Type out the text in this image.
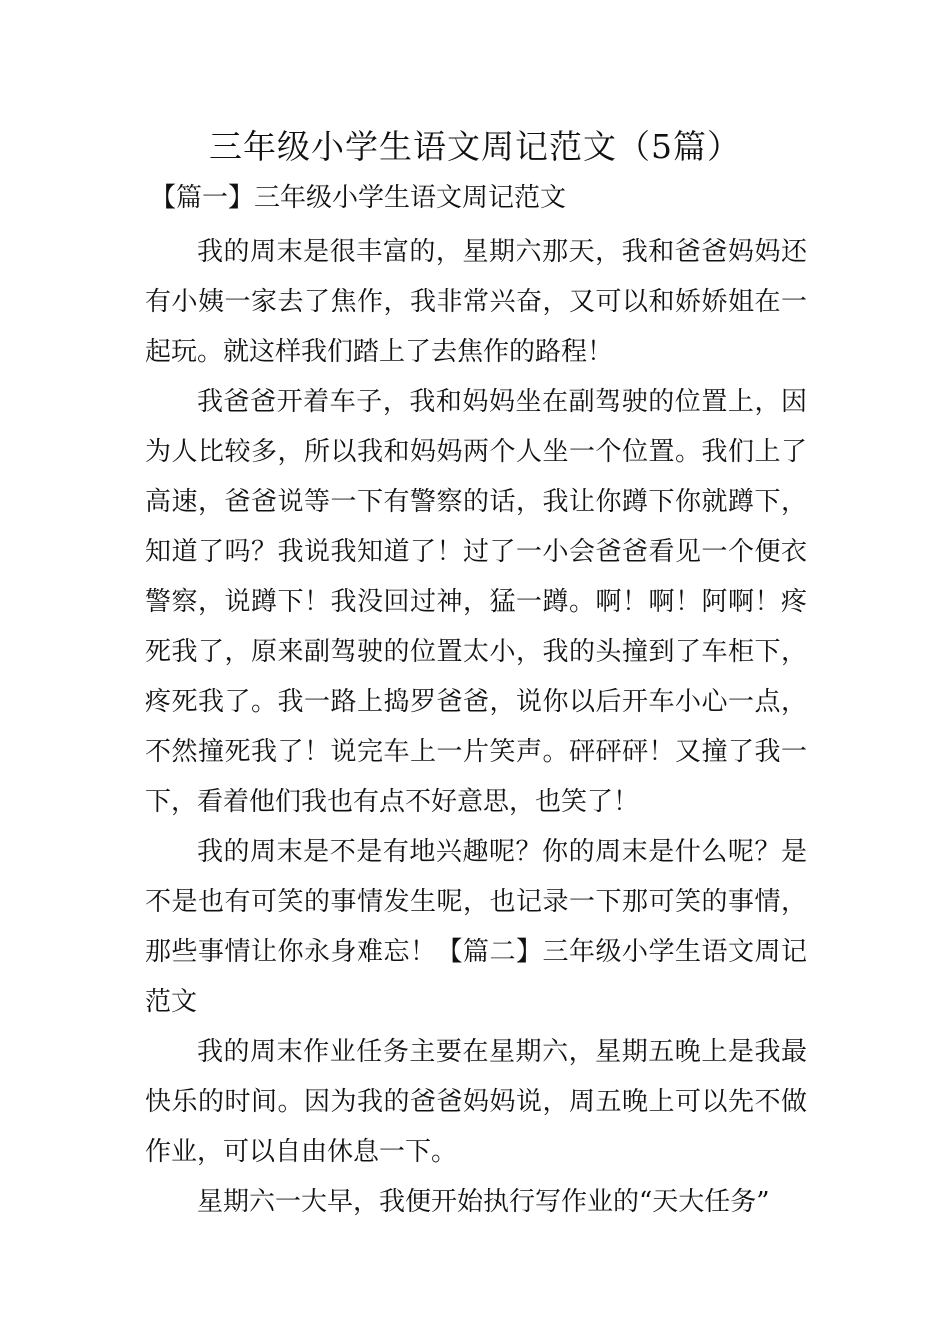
三年级小学生语文周记范文（5篇）

【篇一】三年级小学生语文周记范文

我的周末是很丰富的，星期六那天，我和爸爸妈妈还有小姨一家去了焦作，我非常兴奋，又可以和娇娇姐在一起玩。就这样我们踏上了去焦作的路程！

我爸爸开着车子，我和妈妈坐在副驾驶的位置上，因为人比较多，所以我和妈妈两个人坐一个位置。我们上了高速，爸爸说等一下有警察的话，我让你蹲下你就蹲下，知道了吗？我说我知道了！过了一小会爸爸看见一个便衣警察，说蹲下！我没回过神，猛一蹲。啊！啊！阿啊！疼死我了，原来副驾驶的位置太小，我的头撞到了车柜下，疼死我了。我一路上捣罗爸爸，说你以后开车小心一点，不然撞死我了！说完车上一片笑声。砰砰砰！又撞了我一下，看着他们我也有点不好意思，也笑了！

我的周末是不是有地兴趣呢？你的周末是什么呢？是不是也有可笑的事情发生呢，也记录一下那可笑的事情，那些事情让你永身难忘！【篇二】三年级小学生语文周记范文

我的周末作业任务主要在星期六，星期五晚上是我最快乐的时间。因为我的爸爸妈妈说，周五晚上可以先不做作业，可以自由休息一下。

星期六一大早，我便开始执行写作业的“天大任务”
